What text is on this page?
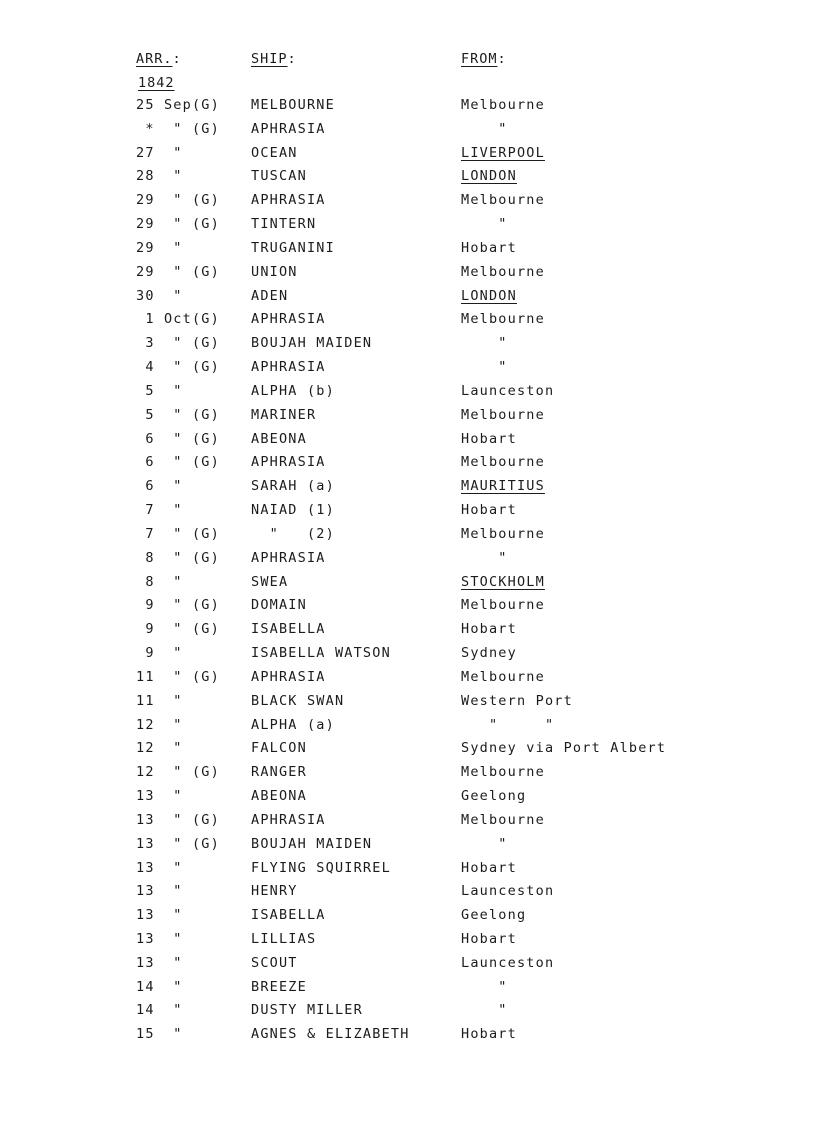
ARR.:	SHIP:	FROM:
1842
25 Sep(G) MELBOURNE	Melbourne
*  " (G) APHRASIA	"
27  "	OCEAN	LIVERPOOL
28  "	TUSCAN	LONDON
29  " (G) APHRASIA	Melbourne
29  " (G) TINTERN	"
29  "	TRUGANINI	Hobart
29  " (G) UNION	Melbourne
30  "	ADEN	LONDON
1 Oct(G) APHRASIA	Melbourne
3  " (G) BOUJAH MAIDEN	"
4  " (G) APHRASIA	"
5  "	ALPHA (b)	Launceston
5  " (G) MARINER	Melbourne
6  " (G) ABEONA	Hobart
6  " (G) APHRASIA	Melbourne
6  "	SARAH (a)	MAURITIUS
7  "	NAIAD (1)	Hobart
7  " (G) "   (2)	Melbourne
8  " (G) APHRASIA	"
8  "	SWEA	STOCKHOLM
9  " (G) DOMAIN	Melbourne
9  " (G) ISABELLA	Hobart
9  "	ISABELLA WATSON	Sydney
11  " (G) APHRASIA	Melbourne
11  "	BLACK SWAN	Western Port
12  "	ALPHA (a)	"     "
12  "	FALCON	Sydney via Port Albert
12  " (G) RANGER	Melbourne
13  "	ABEONA	Geelong
13  " (G) APHRASIA	Melbourne
13  " (G) BOUJAH MAIDEN	"
13  "	FLYING SQUIRREL	Hobart
13  "	HENRY	Launceston
13  "	ISABELLA	Geelong
13  "	LILLIAS	Hobart
13  "	SCOUT	Launceston
14  "	BREEZE	"
14  "	DUSTY MILLER	"
15  "	AGNES & ELIZABETH	Hobart
